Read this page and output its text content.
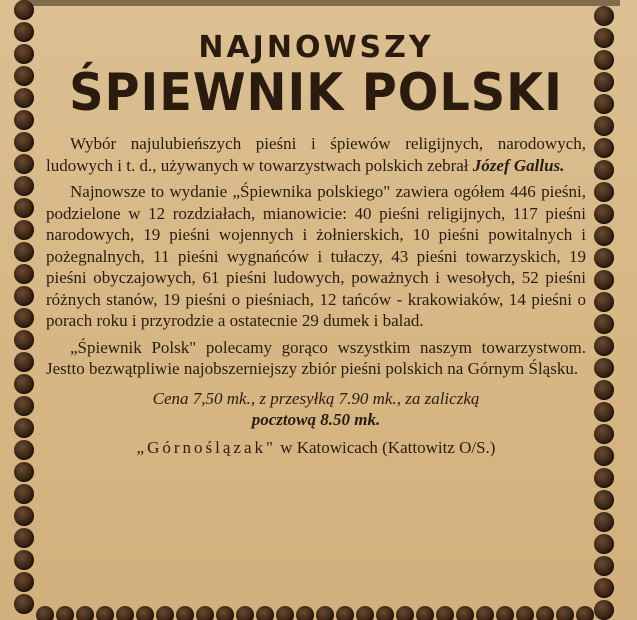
NAJNOWSZY
ŚPIEWNIK POLSKI

Wybór najulubieńszych pieśni i śpiewów religijnych, narodowych, ludowych i t. d., używanych w towarzystwach polskich zebrał Józef Gallus.

Najnowsze to wydanie „Śpiewnika polskiego" zawiera ogółem 446 pieśni, podzielone w 12 rozdziałach, mianowicie: 40 pieśni religijnych, 117 pieśni narodowych, 19 pieśni wojennych i żołnierskich, 10 pieśni powitalnych i pożegnalnych, 11 pieśni wygnańców i tułaczy, 43 pieśni towarzyskich, 19 pieśni obyczajowych, 61 pieśni ludowych, poważnych i wesołych, 52 pieśni różnych stanów, 19 pieśni o pieśniach, 12 tańców - krakowiaków, 14 pieśni o porach roku i przyrodzie a ostatecnie 29 dumek i balad.

„Śpiewnik Polsk" polecamy gorąco wszystkim naszym towarzystwom. Jestto bezwątpliwie najobszerniejszy zbiór pieśni polskich na Górnym Śląsku.

Cena 7,50 mk., z przesyłką 7.90 mk., za zaliczką
pocztową 8.50 mk.
„Górnoślązak" w Katowicach (Kattowitz O/S.)
